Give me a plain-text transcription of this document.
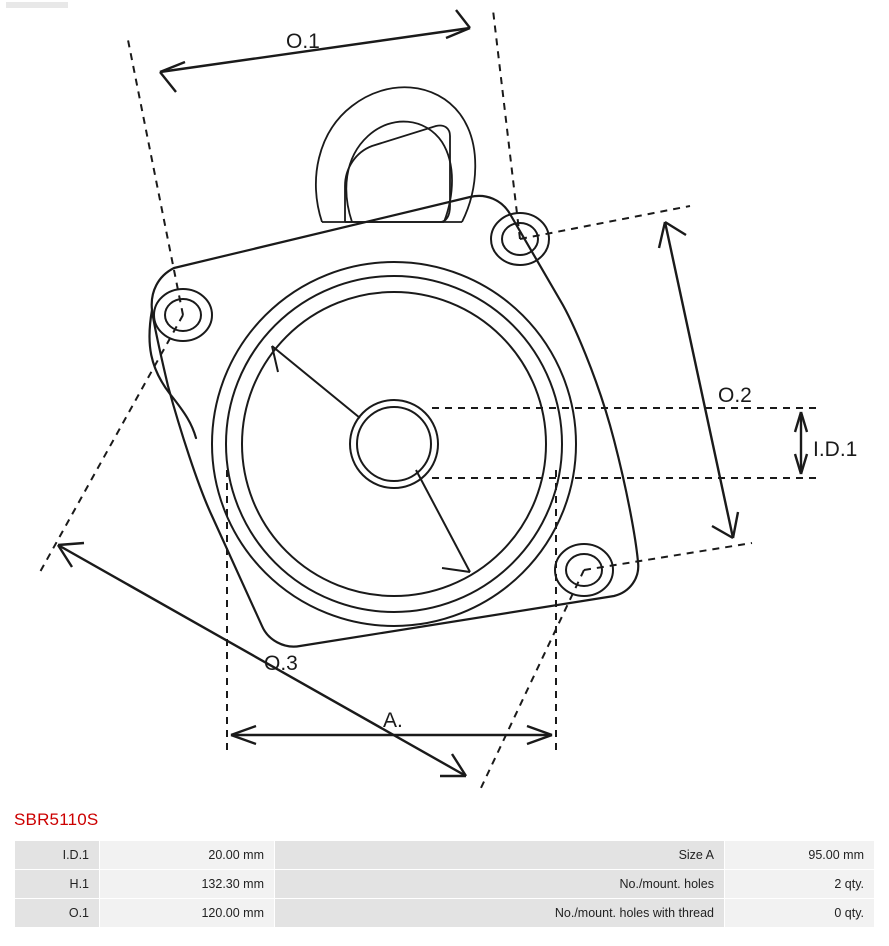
O.1
O.2
O.3
A.
I.D.1
SBR5110S
I.D.1	20.00 mm	Size A	95.00 mm
H.1	132.30 mm	No./mount. holes	2 qty.
O.1	120.00 mm	No./mount. holes with thread	0 qty.
